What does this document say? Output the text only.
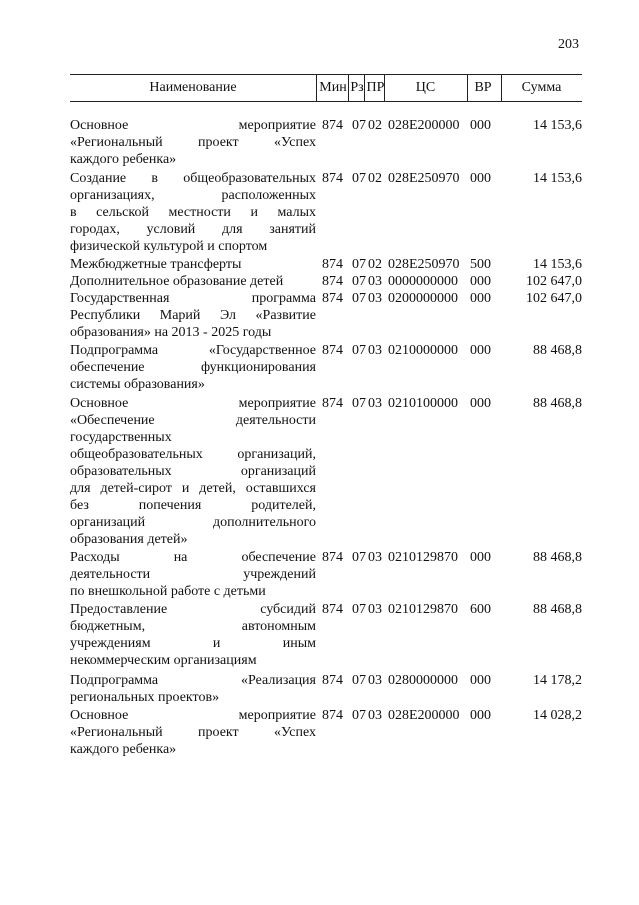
203
Наименование	Мин Рз ПР	ЦС	ВР	Сумма
Основное мероприятие
«Региональный проект «Успех
каждого ребенка»
874 07 02 028E200000 000	14 153,6
Создание в общеобразовательных
организациях, расположенных
в сельской местности и малых
городах, условий для занятий
физической культурой и спортом
874 07 02 028E250970 000	14 153,6
Межбюджетные трансферты	874 07 02 028E250970 500	14 153,6
Дополнительное образование детей	874 07 03 0000000000 000	102 647,0
Государственная программа
Республики Марий Эл «Развитие
образования» на 2013 - 2025 годы
874 07 03 0200000000 000	102 647,0
Подпрограмма «Государственное
обеспечение функционирования
системы образования»
874 07 03 0210000000 000	88 468,8
Основное мероприятие
«Обеспечение деятельности
государственных
общеобразовательных организаций,
образовательных организаций
для детей-сирот и детей, оставшихся
без попечения родителей,
организаций дополнительного
образования детей»
874 07 03 0210100000 000	88 468,8
Расходы на обеспечение
деятельности учреждений
по внешкольной работе с детьми
874 07 03 0210129870 000	88 468,8
Предоставление субсидий
бюджетным, автономным
учреждениям и иным
некоммерческим организациям
874 07 03 0210129870 600	88 468,8
Подпрограмма «Реализация
региональных проектов»
874 07 03 0280000000 000	14 178,2
Основное мероприятие
«Региональный проект «Успех
каждого ребенка»
874 07 03 028E200000 000	14 028,2
